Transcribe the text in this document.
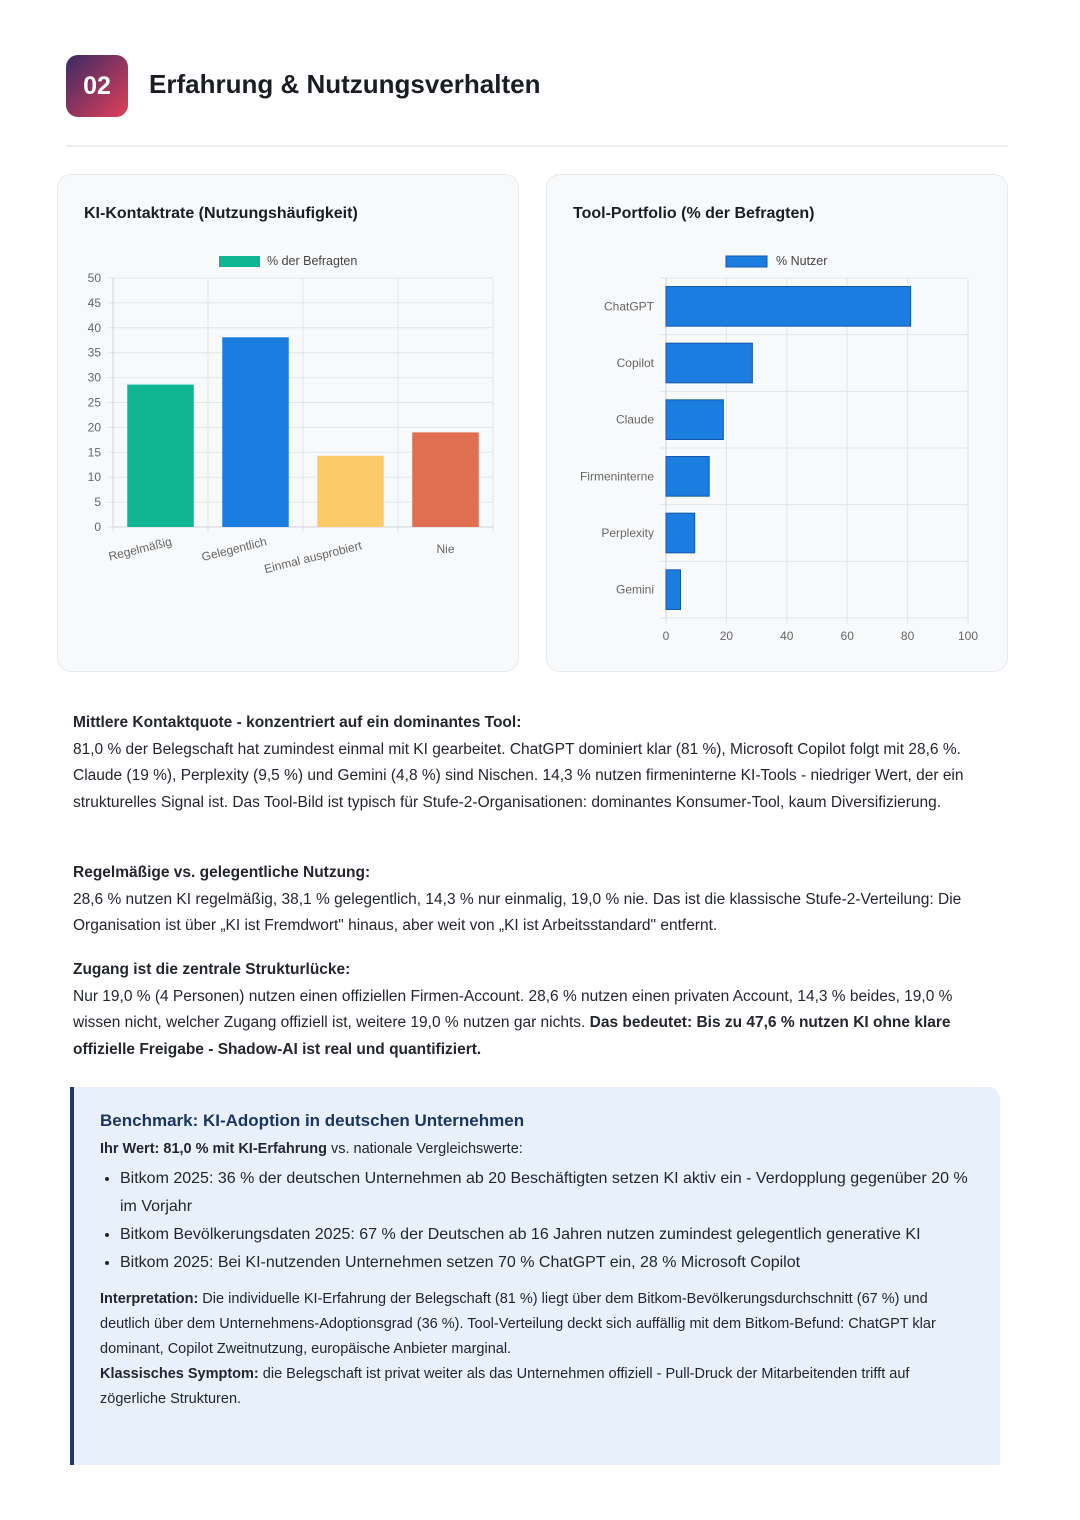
02	Erfahrung & Nutzungsverhalten
KI-Kontaktrate (Nutzungshäufigkeit)
% der Befragten
0
5
10
15
20
25
30
35
40
45
50
Regelmäßig Gelegentlich
Einmal ausprobiert	Nie
Tool-Portfolio (% der Befragten)
% Nutzer
0	20	40	60	80	100
ChatGPT
Copilot
Claude
Firmeninterne
Perplexity
Gemini
Mittlere Kontaktquote - konzentriert auf ein dominantes Tool:
81,0 % der Belegschaft hat zumindest einmal mit KI gearbeitet. ChatGPT dominiert klar (81 %), Microsoft Copilot folgt mit 28,6 %. Claude (19 %), Perplexity (9,5 %) und Gemini (4,8 %) sind Nischen. 14,3 % nutzen firmeninterne KI-Tools - niedriger Wert, der ein strukturelles Signal ist. Das Tool-Bild ist typisch für Stufe-2-Organisationen: dominantes Konsumer-Tool, kaum Diversifizierung.
Regelmäßige vs. gelegentliche Nutzung:
28,6 % nutzen KI regelmäßig, 38,1 % gelegentlich, 14,3 % nur einmalig, 19,0 % nie. Das ist die klassische Stufe-2-Verteilung: Die Organisation ist über „KI ist Fremdwort" hinaus, aber weit von „KI ist Arbeitsstandard" entfernt.
Zugang ist die zentrale Strukturlücke:
Nur 19,0 % (4 Personen) nutzen einen offiziellen Firmen-Account. 28,6 % nutzen einen privaten Account, 14,3 % beides, 19,0 % wissen nicht, welcher Zugang offiziell ist, weitere 19,0 % nutzen gar nichts. Das bedeutet: Bis zu 47,6 % nutzen KI ohne klare offizielle Freigabe - Shadow-AI ist real und quantifiziert.
Benchmark: KI-Adoption in deutschen Unternehmen
Ihr Wert: 81,0 % mit KI-Erfahrung vs. nationale Vergleichswerte:
• Bitkom 2025: 36 % der deutschen Unternehmen ab 20 Beschäftigten setzen KI aktiv ein - Verdopplung gegenüber 20 % im Vorjahr
• Bitkom Bevölkerungsdaten 2025: 67 % der Deutschen ab 16 Jahren nutzen zumindest gelegentlich generative KI
• Bitkom 2025: Bei KI-nutzenden Unternehmen setzen 70 % ChatGPT ein, 28 % Microsoft Copilot
Interpretation: Die individuelle KI-Erfahrung der Belegschaft (81 %) liegt über dem Bitkom-Bevölkerungsdurchschnitt (67 %) und deutlich über dem Unternehmens-Adoptionsgrad (36 %). Tool-Verteilung deckt sich auffällig mit dem Bitkom-Befund: ChatGPT klar dominant, Copilot Zweitnutzung, europäische Anbieter marginal.
Klassisches Symptom: die Belegschaft ist privat weiter als das Unternehmen offiziell - Pull-Druck der Mitarbeitenden trifft auf zögerliche Strukturen.
